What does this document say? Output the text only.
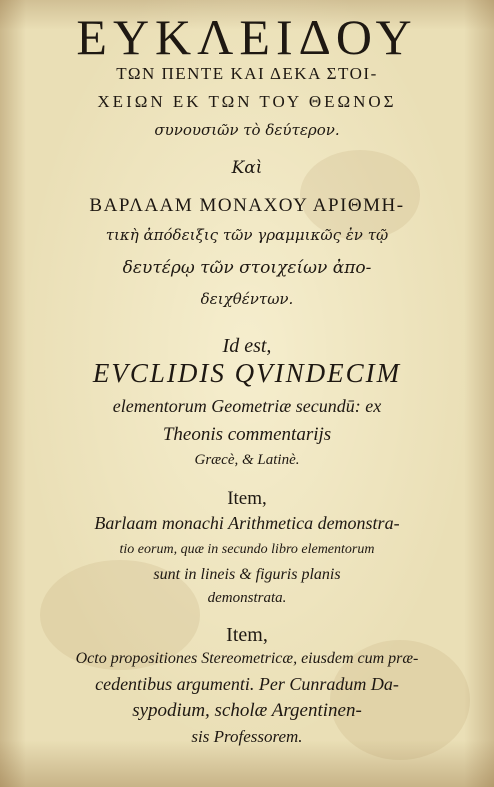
ΕΥΚΛΕΙΔΟΥ
ΤΩΝ ΠΕΝΤΕ ΚΑΙ ΔΕΚΑ ΣΤΟΙ-
ΧΕΙΩΝ ΕΚ ΤΩΝ ΤΟΥ ΘΕΩΝΟΣ
συνουσιῶν τὸ δεύτερον.
Καὶ
ΒΑΡΛΑΑΜ ΜΟΝΑΧΟΥ ΑΡΙΘΜΗ-
τικὴ ἀπόδειξις τῶν γραμμικῶς ἐν τῷ
δευτέρῳ τῶν στοιχείων ἀπο-
δειχθέντων.
Id est,
EVCLIDIS QVINDECIM
elementorum Geometriæ secundū: ex
Theonis commentarijs
Græcè, & Latinè.
Item,
Barlaam monachi Arithmetica demonstra-
tio eorum, quæ in secundo libro elementorum
sunt in lineis & figuris planis
demonstrata.
Item,
Octo propositiones Stereometricæ, eiusdem cum præ-
cedentibus argumenti. Per Cunradum Da-
sypodium, scholæ Argentinen-
sis Professorem.
